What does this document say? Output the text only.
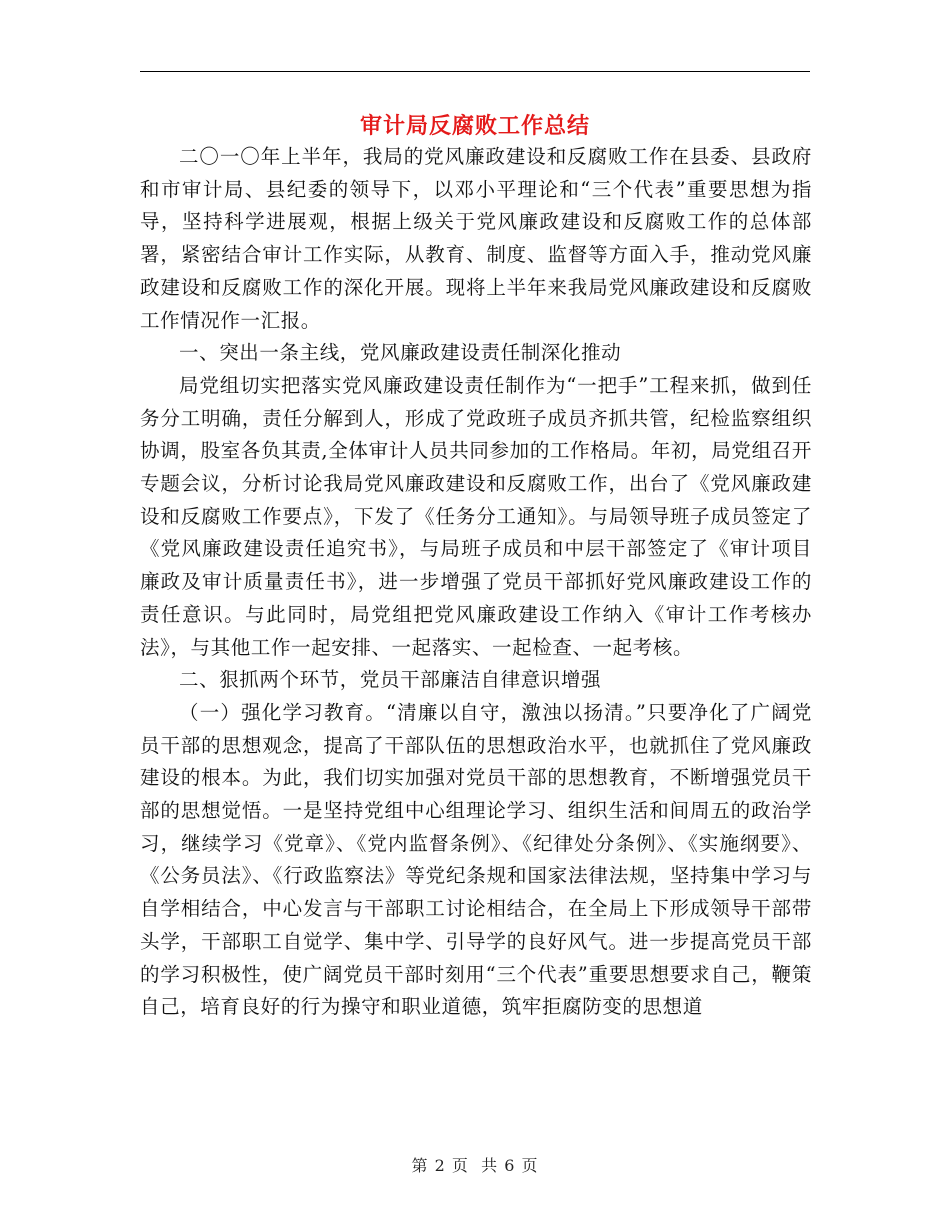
审计局反腐败工作总结

二〇一〇年上半年，我局的党风廉政建设和反腐败工作在县委、县政府和市审计局、县纪委的领导下，以邓小平理论和“三个代表”重要思想为指导，坚持科学进展观，根据上级关于党风廉政建设和反腐败工作的总体部署，紧密结合审计工作实际，从教育、制度、监督等方面入手，推动党风廉政建设和反腐败工作的深化开展。现将上半年来我局党风廉政建设和反腐败工作情况作一汇报。

一、突出一条主线，党风廉政建设责任制深化推动

局党组切实把落实党风廉政建设责任制作为“一把手”工程来抓，做到任务分工明确，责任分解到人，形成了党政班子成员齐抓共管，纪检监察组织协调，股室各负其责,全体审计人员共同参加的工作格局。年初，局党组召开专题会议，分析讨论我局党风廉政建设和反腐败工作，出台了《党风廉政建设和反腐败工作要点》，下发了《任务分工通知》。与局领导班子成员签定了《党风廉政建设责任追究书》，与局班子成员和中层干部签定了《审计项目廉政及审计质量责任书》，进一步增强了党员干部抓好党风廉政建设工作的责任意识。与此同时，局党组把党风廉政建设工作纳入《审计工作考核办法》，与其他工作一起安排、一起落实、一起检查、一起考核。

二、狠抓两个环节，党员干部廉洁自律意识增强

（一）强化学习教育。“清廉以自守，激浊以扬清。”只要净化了广阔党员干部的思想观念，提高了干部队伍的思想政治水平，也就抓住了党风廉政建设的根本。为此，我们切实加强对党员干部的思想教育，不断增强党员干部的思想觉悟。一是坚持党组中心组理论学习、组织生活和间周五的政治学习，继续学习《党章》、《党内监督条例》、《纪律处分条例》、《实施纲要》、《公务员法》、《行政监察法》等党纪条规和国家法律法规，坚持集中学习与自学相结合，中心发言与干部职工讨论相结合，在全局上下形成领导干部带头学，干部职工自觉学、集中学、引导学的良好风气。进一步提高党员干部的学习积极性，使广阔党员干部时刻用“三个代表”重要思想要求自己，鞭策自己，培育良好的行为操守和职业道德，筑牢拒腐防变的思想道

第 2 页  共 6 页
